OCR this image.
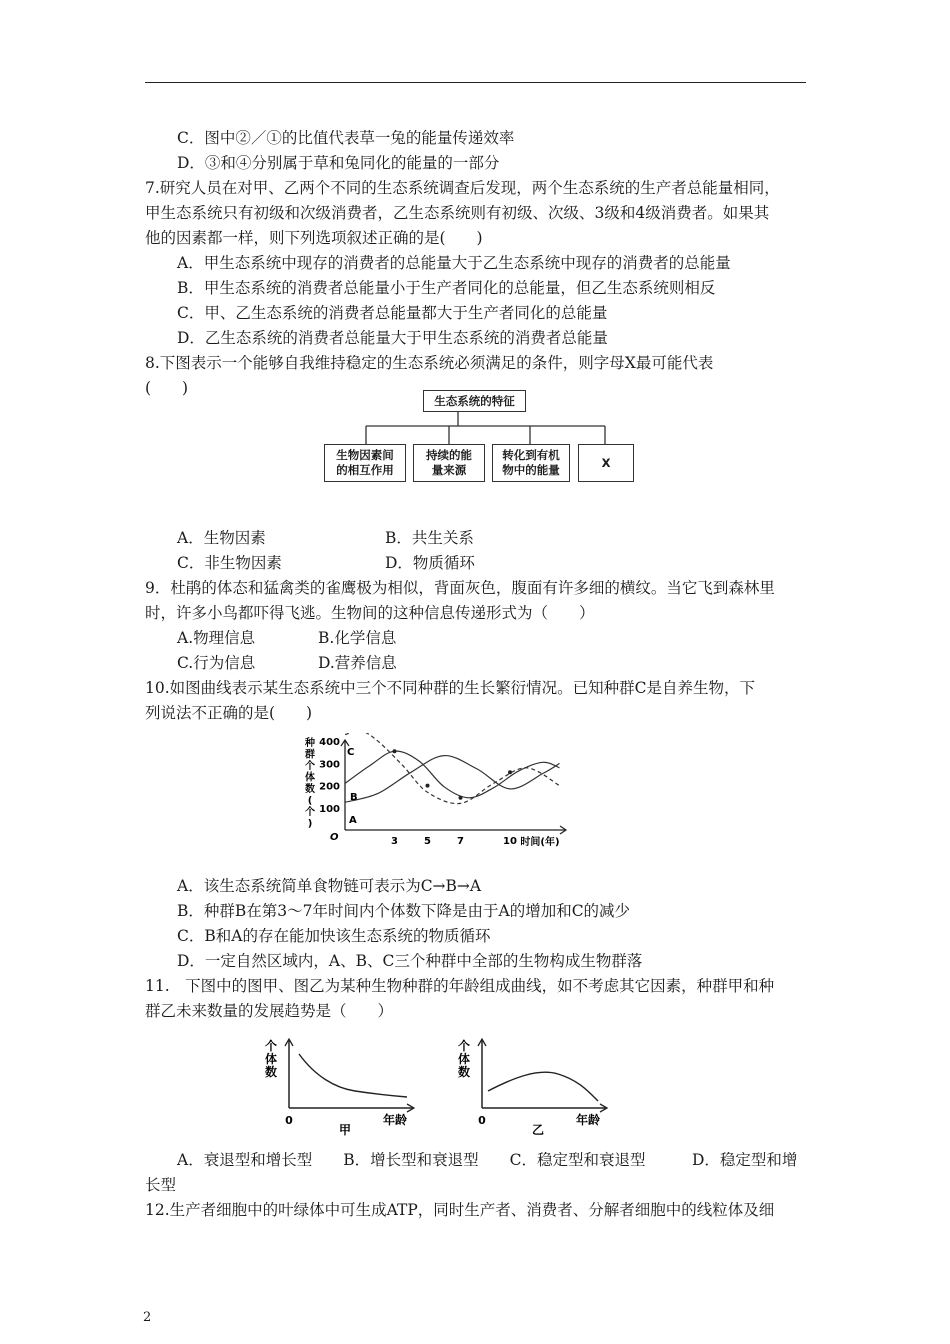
C．图中②／①的比值代表草一兔的能量传递效率
D．③和④分别属于草和兔同化的能量的一部分
7.研究人员在对甲、乙两个不同的生态系统调查后发现，两个生态系统的生产者总能量相同，
甲生态系统只有初级和次级消费者，乙生态系统则有初级、次级、3级和4级消费者。如果其
他的因素都一样，则下列选项叙述正确的是(　　)
A．甲生态系统中现存的消费者的总能量大于乙生态系统中现存的消费者的总能量
B．甲生态系统的消费者总能量小于生产者同化的总能量，但乙生态系统则相反
C．甲、乙生态系统的消费者总能量都大于生产者同化的总能量
D．乙生态系统的消费者总能量大于甲生态系统的消费者总能量
8.下图表示一个能够自我维持稳定的生态系统必须满足的条件，则字母X最可能代表
(　　)
生态系统的特征
生物因素间的相互作用
持续的能量来源
转化到有机物中的能量
X
A．生物因素	B．共生关系
C．非生物因素	D．物质循环
9．杜鹃的体态和猛禽类的雀鹰极为相似，背面灰色，腹面有许多细的横纹。当它飞到森林里
时，许多小鸟都吓得飞逃。生物间的这种信息传递形式为（　　）
A.物理信息	B.化学信息
C.行为信息	D.营养信息
10.如图曲线表示某生态系统中三个不同种群的生长繁衍情况。已知种群C是自养生物，下
列说法不正确的是(　　)
种
群
个
体
数
(
个
)
100
200
300
400
3	5	7	10 时间(年)
O
A
B
C
A．该生态系统简单食物链可表示为C→B→A
B．种群B在第3～7年时间内个体数下降是由于A的增加和C的减少
C．B和A的存在能加快该生态系统的物质循环
D．一定自然区域内，A、B、C三个种群中全部的生物构成生物群落
11.　下图中的图甲、图乙为某种生物种群的年龄组成曲线，如不考虑其它因素，种群甲和种
群乙未来数量的发展趋势是（　　）
个
体
数
0	年龄
甲
个
体
数
0	年龄
乙
A．衰退型和增长型　　B．增长型和衰退型　　C．稳定型和衰退型　　　D．稳定型和增
长型
12.生产者细胞中的叶绿体中可生成ATP，同时生产者、消费者、分解者细胞中的线粒体及细
2
